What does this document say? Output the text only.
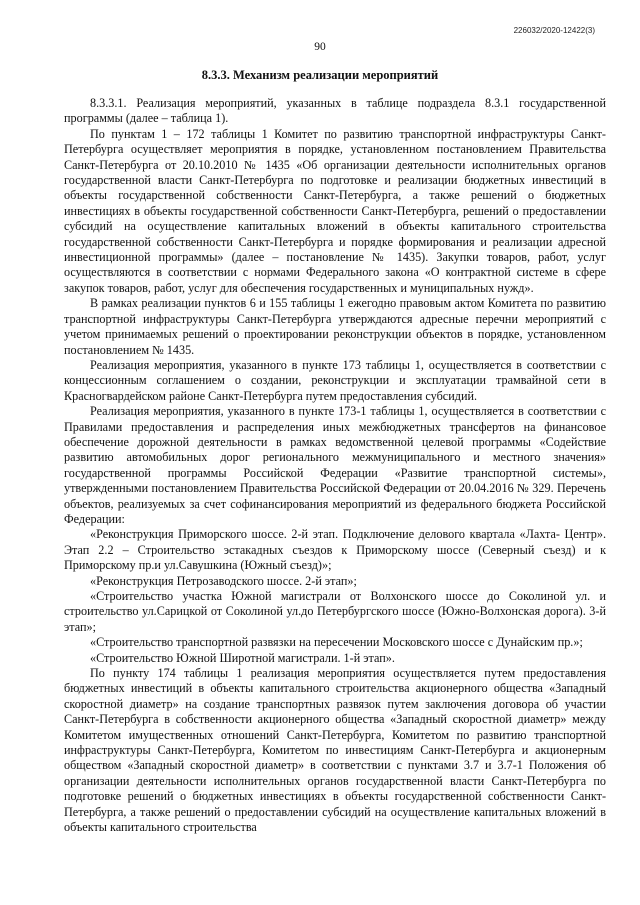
226032/2020-12422(3)
90
8.3.3. Механизм реализации мероприятий

8.3.3.1. Реализация мероприятий, указанных в таблице подраздела 8.3.1 государственной программы (далее – таблица 1).

По пунктам 1 – 172 таблицы 1 Комитет по развитию транспортной инфраструктуры Санкт-Петербурга осуществляет мероприятия в порядке, установленном постановлением Правительства Санкт-Петербурга от 20.10.2010 № 1435 «Об организации деятельности исполнительных органов государственной власти Санкт-Петербурга по подготовке и реализации бюджетных инвестиций в объекты государственной собственности Санкт-Петербурга, а также решений о бюджетных инвестициях в объекты государственной собственности Санкт-Петербурга, решений о предоставлении субсидий на осуществление капитальных вложений в объекты капитального строительства государственной собственности Санкт-Петербурга и порядке формирования и реализации адресной инвестиционной программы» (далее – постановление № 1435). Закупки товаров, работ, услуг осуществляются в соответствии с нормами Федерального закона «О контрактной системе в сфере закупок товаров, работ, услуг для обеспечения государственных и муниципальных нужд».

В рамках реализации пунктов 6 и 155 таблицы 1 ежегодно правовым актом Комитета по развитию транспортной инфраструктуры Санкт-Петербурга утверждаются адресные перечни мероприятий с учетом принимаемых решений о проектировании реконструкции объектов в порядке, установленном постановлением № 1435.

Реализация мероприятия, указанного в пункте 173 таблицы 1, осуществляется в соответствии с концессионным соглашением о создании, реконструкции и эксплуатации трамвайной сети в Красногвардейском районе Санкт-Петербурга путем предоставления субсидий.

Реализация мероприятия, указанного в пункте 173-1 таблицы 1, осуществляется в соответствии с Правилами предоставления и распределения иных межбюджетных трансфертов на финансовое обеспечение дорожной деятельности в рамках ведомственной целевой программы «Содействие развитию автомобильных дорог регионального межмуниципального и местного значения» государственной программы Российской Федерации «Развитие транспортной системы», утвержденными постановлением Правительства Российской Федерации от 20.04.2016 № 329. Перечень объектов, реализуемых за счет софинансирования мероприятий из федерального бюджета Российской Федерации:

«Реконструкция Приморского шоссе. 2-й этап. Подключение делового квартала «Лахта- Центр». Этап 2.2 – Строительство эстакадных съездов к Приморскому шоссе (Северный съезд) и к Приморскому пр.и ул.Савушкина (Южный съезд)»;

«Реконструкция Петрозаводского шоссе. 2-й этап»;

«Строительство участка Южной магистрали от Волхонского шоссе до Соколиной ул. и строительство ул.Сарицкой от Соколиной ул.до Петербургского шоссе (Южно-Волхонская дорога). 3-й этап»;

«Строительство транспортной развязки на пересечении Московского шоссе с Дунайским пр.»;

«Строительство Южной Широтной магистрали. 1-й этап».

По пункту 174 таблицы 1 реализация мероприятия осуществляется путем предоставления бюджетных инвестиций в объекты капитального строительства акционерного общества «Западный скоростной диаметр» на создание транспортных развязок путем заключения договора об участии Санкт-Петербурга в собственности акционерного общества «Западный скоростной диаметр» между Комитетом имущественных отношений Санкт-Петербурга, Комитетом по развитию транспортной инфраструктуры Санкт-Петербурга, Комитетом по инвестициям Санкт-Петербурга и акционерным обществом «Западный скоростной диаметр» в соответствии с пунктами 3.7 и 3.7-1 Положения об организации деятельности исполнительных органов государственной власти Санкт-Петербурга по подготовке решений о бюджетных инвестициях в объекты государственной собственности Санкт-Петербурга, а также решений о предоставлении субсидий на осуществление капитальных вложений в объекты капитального строительства
